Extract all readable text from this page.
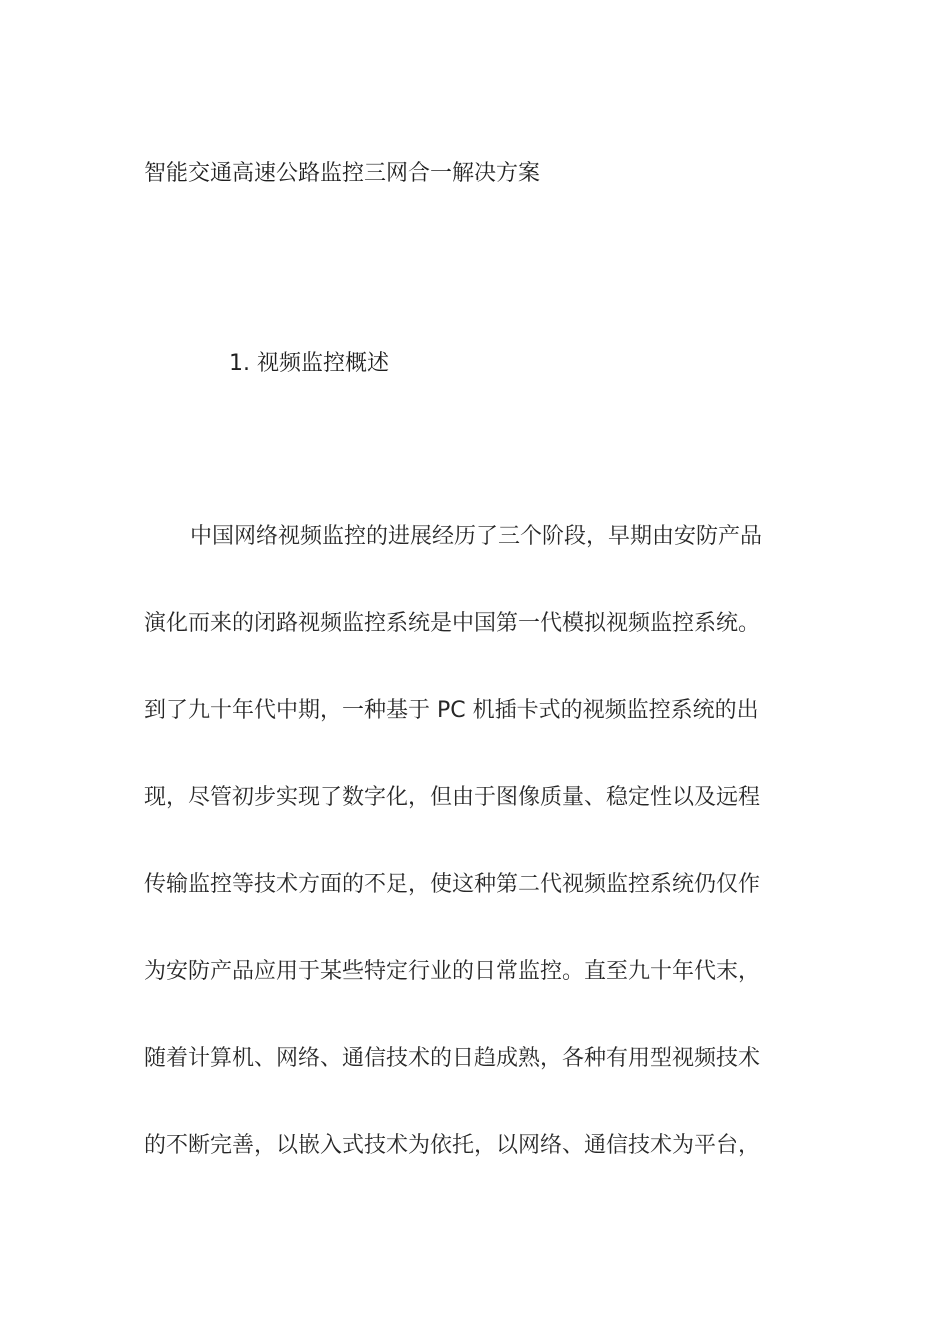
智能交通高速公路监控三网合一解决方案
1. 视频监控概述
中国网络视频监控的进展经历了三个阶段，早期由安防产品
演化而来的闭路视频监控系统是中国第一代模拟视频监控系统。
到了九十年代中期，一种基于 PC 机插卡式的视频监控系统的出
现，尽管初步实现了数字化，但由于图像质量、稳定性以及远程
传输监控等技术方面的不足，使这种第二代视频监控系统仍仅作
为安防产品应用于某些特定行业的日常监控。直至九十年代末，
随着计算机、网络、通信技术的日趋成熟，各种有用型视频技术
的不断完善，以嵌入式技术为依托，以网络、通信技术为平台，
